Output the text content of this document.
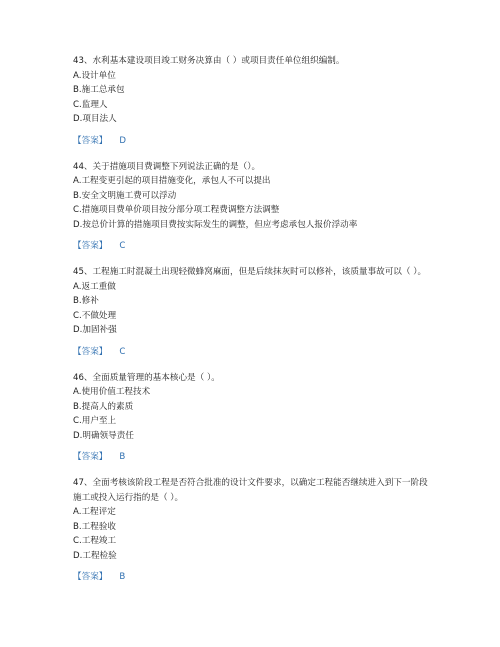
43、水利基本建设项目竣工财务决算由（ ）或项目责任单位组织编制。

A.设计单位

B.施工总承包

C.监理人

D.项目法人

【答案】 D

44、关于措施项目费调整下列说法正确的是（）。

A.工程变更引起的项目措施变化，承包人不可以提出

B.安全文明施工费可以浮动

C.措施项目费单价项目按分部分项工程费调整方法调整

D.按总价计算的措施项目费按实际发生的调整，但应考虑承包人报价浮动率

【答案】 C

45、工程施工时混凝土出现轻微蜂窝麻面，但是后续抹灰时可以修补，该质量事故可以（ ）。

A.返工重做

B.修补

C.不做处理

D.加固补强

【答案】 C

46、全面质量管理的基本核心是（ ）。

A.使用价值工程技术

B.提高人的素质

C.用户至上

D.明确领导责任

【答案】 B

47、全面考核该阶段工程是否符合批准的设计文件要求，以确定工程能否继续进入到下一阶段施工或投入运行指的是（ ）。

A.工程评定

B.工程验收

C.工程竣工

D.工程检验

【答案】 B
